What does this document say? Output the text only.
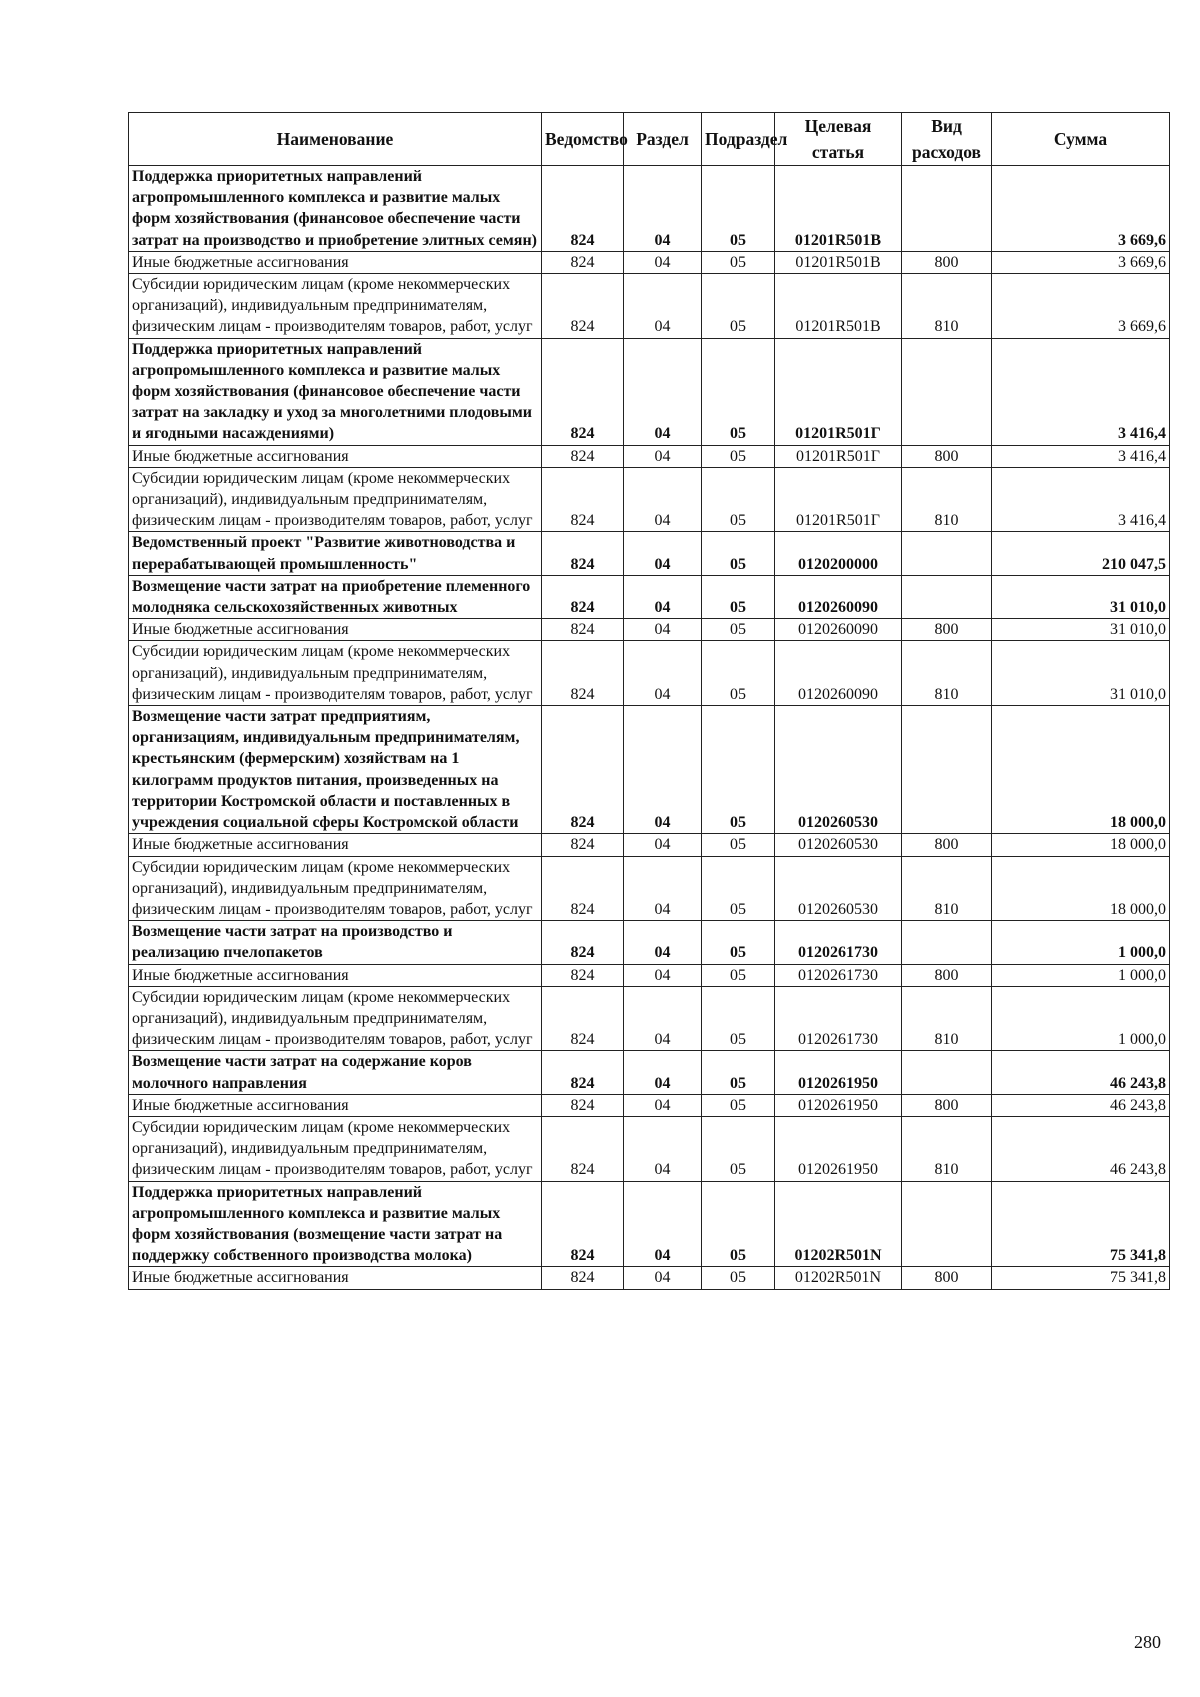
Наименование	Ведомство	Раздел	Подраздел	Целевая статья	Вид расходов	Сумма
Поддержка приоритетных направлений агропромышленного комплекса и развитие малых форм хозяйствования (финансовое обеспечение части затрат на производство и приобретение элитных семян)	824	04	05	01201R501B		3 669,6
Иные бюджетные ассигнования	824	04	05	01201R501B	800	3 669,6
Субсидии юридическим лицам (кроме некоммерческих организаций), индивидуальным предпринимателям, физическим лицам - производителям товаров, работ, услуг	824	04	05	01201R501B	810	3 669,6
Поддержка приоритетных направлений агропромышленного комплекса и развитие малых форм хозяйствования (финансовое обеспечение части затрат на закладку и уход за многолетними плодовыми и ягодными насаждениями)	824	04	05	01201R501Г		3 416,4
Иные бюджетные ассигнования	824	04	05	01201R501Г	800	3 416,4
Субсидии юридическим лицам (кроме некоммерческих организаций), индивидуальным предпринимателям, физическим лицам - производителям товаров, работ, услуг	824	04	05	01201R501Г	810	3 416,4
Ведомственный проект "Развитие животноводства и перерабатывающей промышленность"	824	04	05	0120200000		210 047,5
Возмещение части затрат на приобретение племенного молодняка сельскохозяйственных животных	824	04	05	0120260090		31 010,0
Иные бюджетные ассигнования	824	04	05	0120260090	800	31 010,0
Субсидии юридическим лицам (кроме некоммерческих организаций), индивидуальным предпринимателям, физическим лицам - производителям товаров, работ, услуг	824	04	05	0120260090	810	31 010,0
Возмещение части затрат предприятиям, организациям, индивидуальным предпринимателям, крестьянским (фермерским) хозяйствам на 1 килограмм продуктов питания, произведенных на территории Костромской области и поставленных в учреждения социальной сферы Костромской области	824	04	05	0120260530		18 000,0
Иные бюджетные ассигнования	824	04	05	0120260530	800	18 000,0
Субсидии юридическим лицам (кроме некоммерческих организаций), индивидуальным предпринимателям, физическим лицам - производителям товаров, работ, услуг	824	04	05	0120260530	810	18 000,0
Возмещение части затрат на производство и реализацию пчелопакетов	824	04	05	0120261730		1 000,0
Иные бюджетные ассигнования	824	04	05	0120261730	800	1 000,0
Субсидии юридическим лицам (кроме некоммерческих организаций), индивидуальным предпринимателям, физическим лицам - производителям товаров, работ, услуг	824	04	05	0120261730	810	1 000,0
Возмещение части затрат на содержание коров молочного направления	824	04	05	0120261950		46 243,8
Иные бюджетные ассигнования	824	04	05	0120261950	800	46 243,8
Субсидии юридическим лицам (кроме некоммерческих организаций), индивидуальным предпринимателям, физическим лицам - производителям товаров, работ, услуг	824	04	05	0120261950	810	46 243,8
Поддержка приоритетных направлений агропромышленного комплекса и развитие малых форм хозяйствования (возмещение части затрат на поддержку собственного производства молока)	824	04	05	01202R501N		75 341,8
Иные бюджетные ассигнования	824	04	05	01202R501N	800	75 341,8
280
